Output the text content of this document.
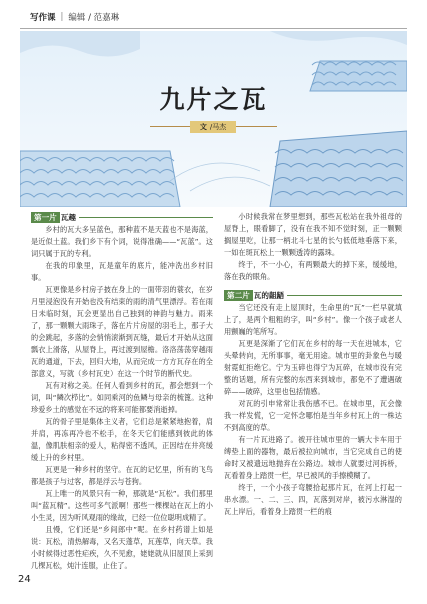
写作课 | 编辑 / 范嘉琳
九片之瓦
文 / 马杰
第一片 瓦趣

乡村的瓦大多呈蓝色，那种蓝不是天蓝也不是海蓝，是近似土蓝。我们乡下有个词，说得准确——“瓦蓝”。这词只属于瓦的专利。

在我的印象里，瓦是童年的底片，能冲洗出乡村旧事。

瓦更像是乡村房子披在身上的一面带羽的蓑衣，在岁月里浸泡没有开始也没有结束的雨的清气里漂浮。若在雨日未临时刻，瓦会更显出自己独到的神韵与魅力。雨来了，那一颗颗大雨珠子，落在片片房屋的羽毛上，那子大的会跳起，多落的会悄悄滚渐到瓦缝，最后才开始从这面瓢衣上滑落，从屋脊上，再过渡到屋檐。洛洛荡荡穿越雨瓦的通道，下去，回归大地，从而完成一方方瓦存在的全部意义，写就（乡村瓦史）在这一个时节的断代史。

瓦有对称之美。任何人看到乡村的瓦，都会想到一个词，叫“鳞次栉比”。如同乘河的鱼鳞与母亲的梳篦。这种珍爱乡土的感觉在不远的将来可能都要消逝掉。

瓦的骨子里是集体主义者，它们总是紧紧地抱着，肩并肩，再冻再冷也不松手，在冬天它们能感到彼此的体温，像肌肤相亲的爱人，粘得密不透风，正因结在井亮缓缓上升的乡村里。

瓦更是一种乡村的坚守。在瓦的记忆里，所有的飞鸟都是孩子与过客，都是浮云与苍狗。

瓦上唯一的风景只有一种，那就是“瓦松”。我们那里叫“蓝瓦精”。这些可多气派啊！那些一棵棵站在瓦上的小小生灵，因为听风观雨的缘故，已经一位位聪明成精了。

且慢，它们还是“乡间郎中”呢。在乡村药谱上如是说：瓦松，清热解毒，又名天蓬草，瓦莲草，向天草。我小时候得过恶性疟疾，久不见愈，姥姥就从旧屋顶上采到几棵瓦松，炖汁连服，止住了。

小时候我常在梦里想到，那些瓦松站在我外祖母的屋脊上，眼看脚了，没有在我不知不觉时刻，正一颗颗搁屋里吃，让那一柄北斗七星的长勺低低地垂落下来，一如在斑瓦松上一颗颗透涛的露珠。

终于，不一小心，有两颗最大的掉下来，缓缓地，落在我的眼角。

第二片 瓦的龃龉

当它还没有走上屋顶时，生命里的“瓦”一栏早就填上了，是两个粗粗的字，叫“乡村”。像一个孩子或老人用颤巍的笔所写。

瓦更是深渐了它们瓦在乡村的每一天在进城本，它头晕转向，无所事事，毫无用途。城市里的卦象色与暖射霓虹拒绝它。宁为玉碎也得宁为瓦碎，在城市没有完整的话题，所有完整的东西来到城市，都免不了遭遇破碎——破碎，这里也包括情感。

对瓦的引申常常让我伤感不已。在城市里，瓦会像我一样发慌，它一定怀念哪怕是当年乡村瓦上的一株达不到高度的草。

有一片瓦进路了。被开往城市里的一辆大卡车用于缚垫上面的器物，最后被拉向城市，当它完成自己的使命时又被遗远地抛弃在公路边。城市人就要过河拆桥，瓦看着身上踏贯一栏，早已被风的手擦模糊了。

终于，一个小孩子弯腰拾起那片瓦，在河上打起一串水漂。一、二、三、四，瓦落到对岸，被污水淋湿的瓦上岸后，看着身上踏贯一栏的痕

24
